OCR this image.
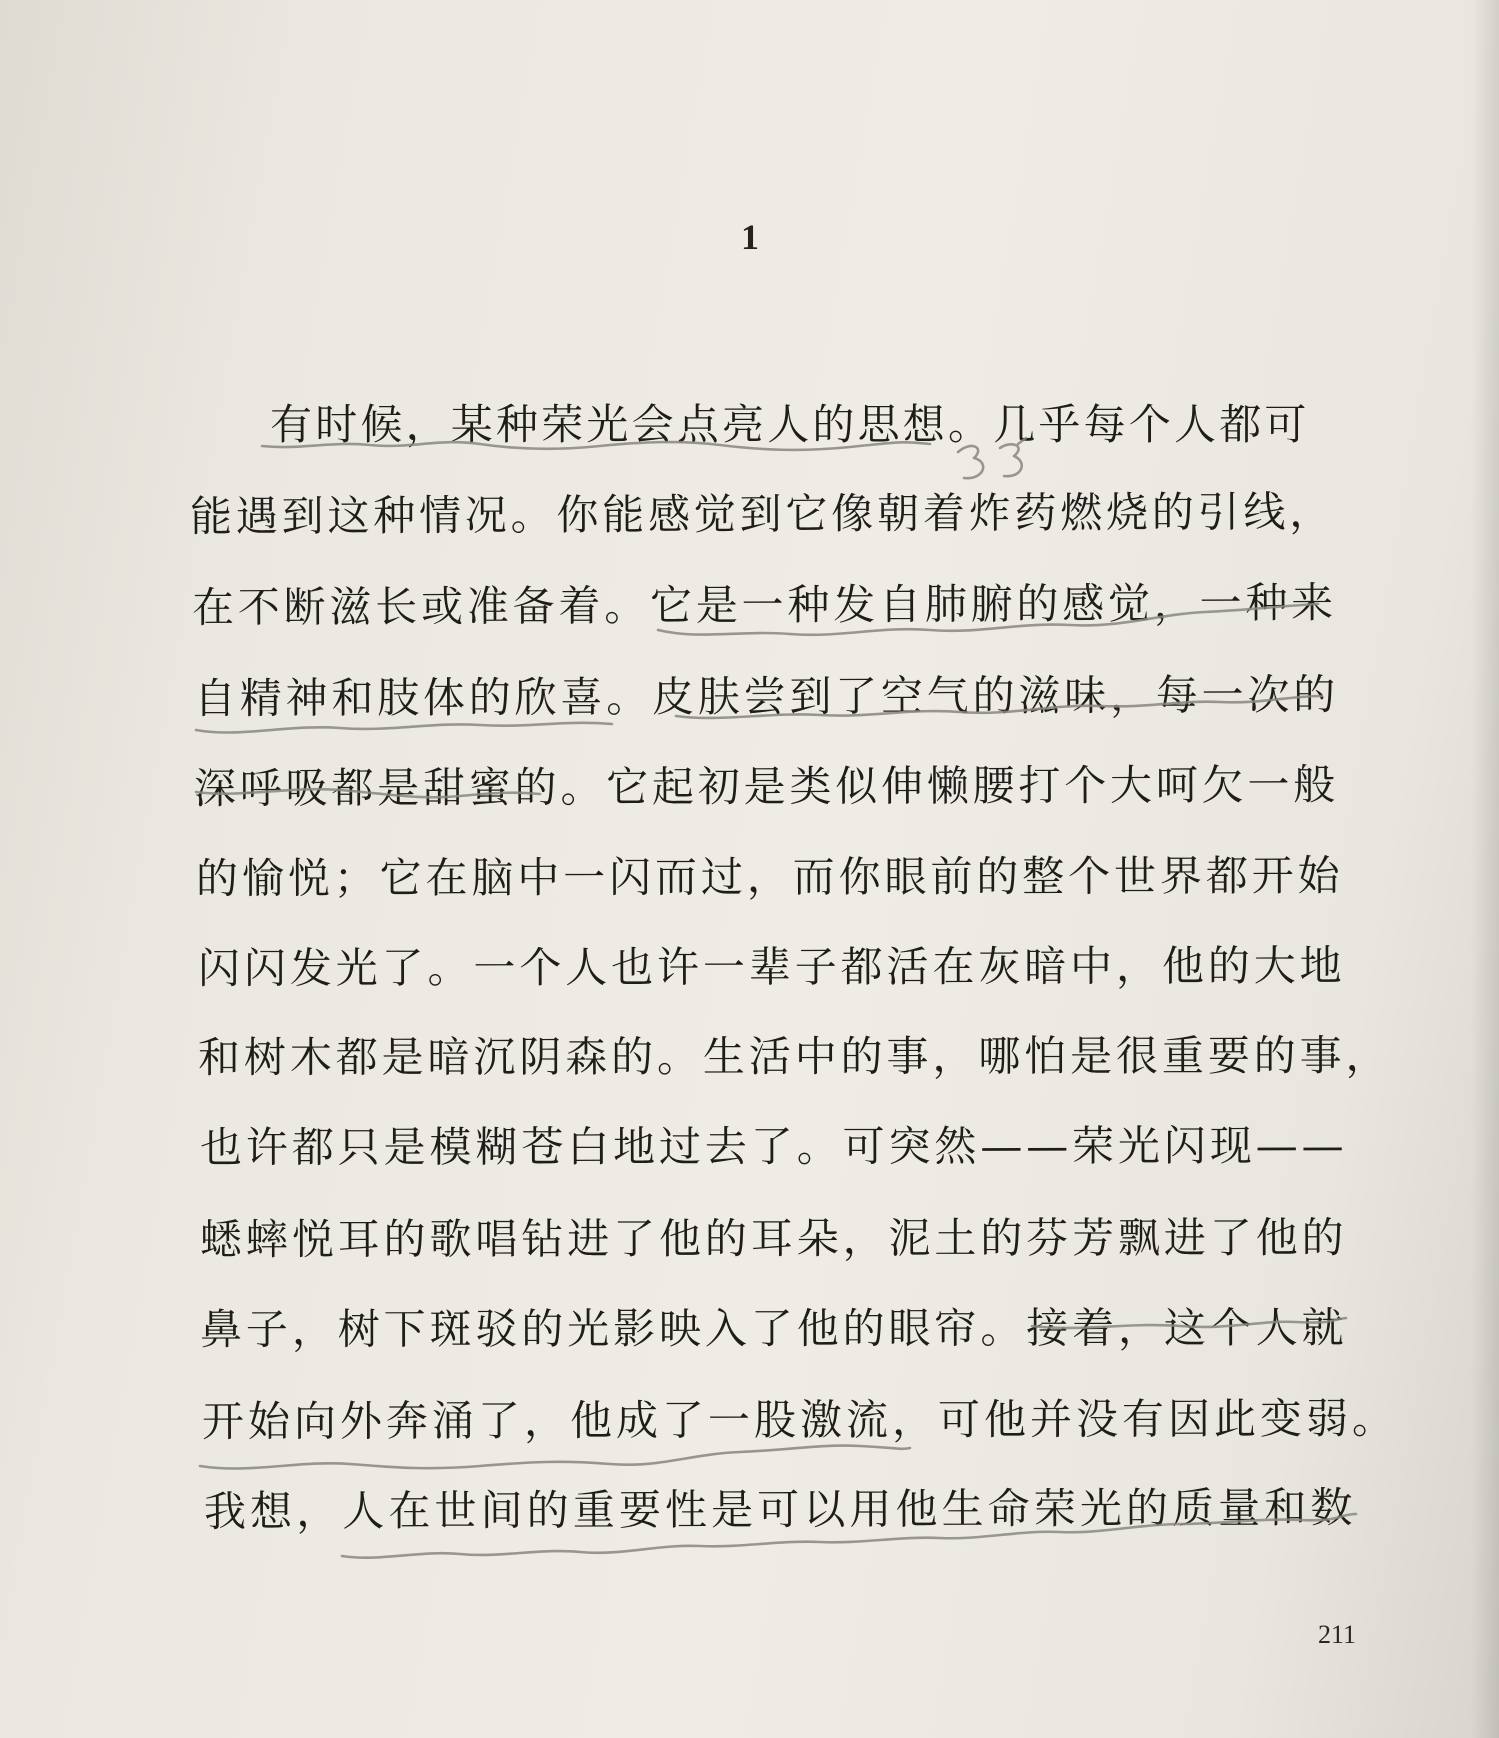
1
有时候，某种荣光会点亮人的思想。几乎每个人都可
能遇到这种情况。你能感觉到它像朝着炸药燃烧的引线，
在不断滋长或准备着。它是一种发自肺腑的感觉，一种来
自精神和肢体的欣喜。皮肤尝到了空气的滋味，每一次的
深呼吸都是甜蜜的。它起初是类似伸懒腰打个大呵欠一般
的愉悦；它在脑中一闪而过，而你眼前的整个世界都开始
闪闪发光了。一个人也许一辈子都活在灰暗中，他的大地
和树木都是暗沉阴森的。生活中的事，哪怕是很重要的事，
也许都只是模糊苍白地过去了。可突然——荣光闪现——
蟋蟀悦耳的歌唱钻进了他的耳朵，泥土的芬芳飘进了他的
鼻子，树下斑驳的光影映入了他的眼帘。接着，这个人就
开始向外奔涌了，他成了一股激流，可他并没有因此变弱。
我想，人在世间的重要性是可以用他生命荣光的质量和数
211
